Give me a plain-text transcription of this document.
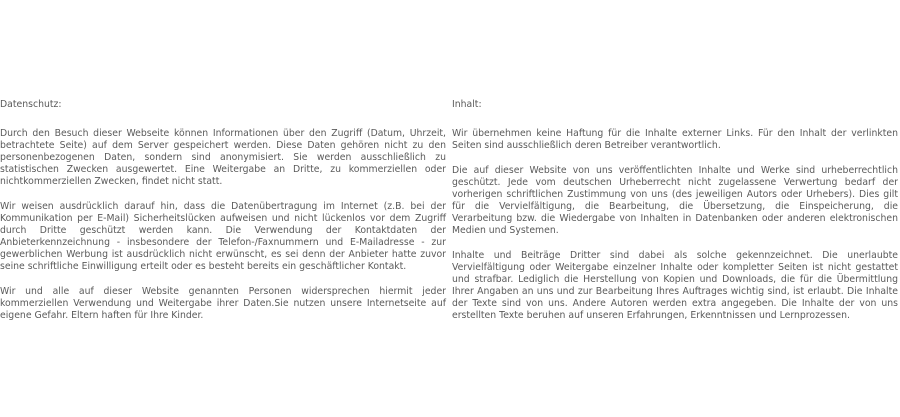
Datenschutz:

Durch den Besuch dieser Webseite können Informationen über den Zugriff (Datum, Uhrzeit, betrachtete Seite) auf dem Server gespeichert werden. Diese Daten gehören nicht zu den personenbezogenen Daten, sondern sind anonymisiert. Sie werden ausschließlich zu statistischen Zwecken ausgewertet. Eine Weitergabe an Dritte, zu kommerziellen oder nichtkommerziellen Zwecken, findet nicht statt.

Wir weisen ausdrücklich darauf hin, dass die Datenübertragung im Internet (z.B. bei der Kommunikation per E-Mail) Sicherheitslücken aufweisen und nicht lückenlos vor dem Zugriff durch Dritte geschützt werden kann. Die Verwendung der Kontaktdaten der Anbieterkennzeichnung - insbesondere der Telefon-/Faxnummern und E-Mailadresse - zur gewerblichen Werbung ist ausdrücklich nicht erwünscht, es sei denn der Anbieter hatte zuvor seine schriftliche Einwilligung erteilt oder es besteht bereits ein geschäftlicher Kontakt.

Wir und alle auf dieser Website genannten Personen widersprechen hiermit jeder kommerziellen Verwendung und Weitergabe ihrer Daten.Sie nutzen unsere Internetseite auf eigene Gefahr. Eltern haften für Ihre Kinder.

Inhalt:

Wir übernehmen keine Haftung für die Inhalte externer Links. Für den Inhalt der verlinkten Seiten sind ausschließlich deren Betreiber verantwortlich.

Die auf dieser Website von uns veröffentlichten Inhalte und Werke sind urheberrechtlich geschützt. Jede vom deutschen Urheberrecht nicht zugelassene Verwertung bedarf der vorherigen schriftlichen Zustimmung von uns (des jeweiligen Autors oder Urhebers). Dies gilt für die Vervielfältigung, die Bearbeitung, die Übersetzung, die Einspeicherung, die Verarbeitung bzw. die Wiedergabe von Inhalten in Datenbanken oder anderen elektronischen Medien und Systemen.

Inhalte und Beiträge Dritter sind dabei als solche gekennzeichnet. Die unerlaubte Vervielfältigung oder Weitergabe einzelner Inhalte oder kompletter Seiten ist nicht gestattet und strafbar. Lediglich die Herstellung von Kopien und Downloads, die für die Übermittlung Ihrer Angaben an uns und zur Bearbeitung Ihres Auftrages wichtig sind, ist erlaubt. Die Inhalte der Texte sind von uns. Andere Autoren werden extra angegeben. Die Inhalte der von uns erstellten Texte beruhen auf unseren Erfahrungen, Erkenntnissen und Lernprozessen.
